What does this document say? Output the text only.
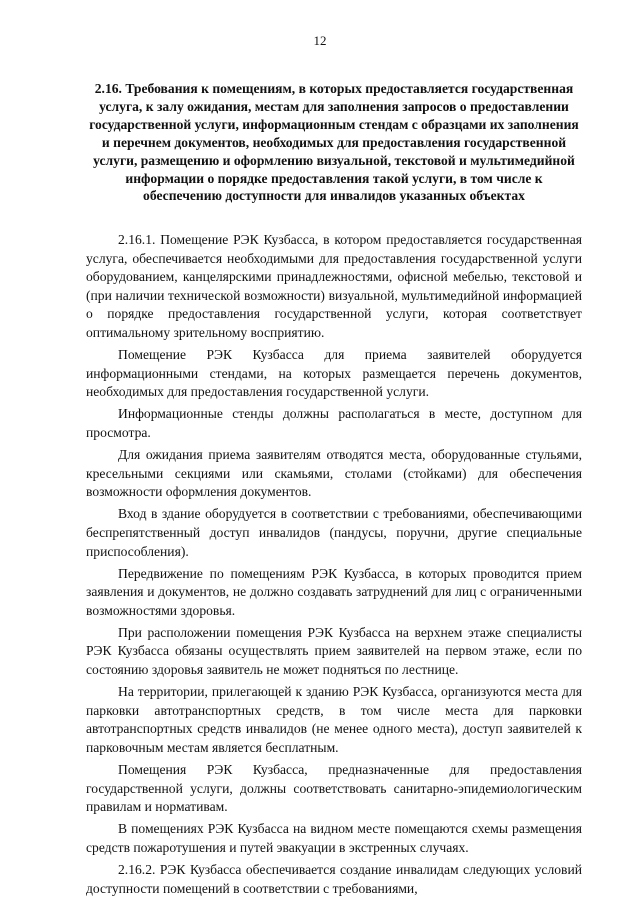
12
2.16. Требования к помещениям, в которых предоставляется государственная услуга, к залу ожидания, местам для заполнения запросов о предоставлении государственной услуги, информационным стендам с образцами их заполнения и перечнем документов, необходимых для предоставления государственной услуги, размещению и оформлению визуальной, текстовой и мультимедийной информации о порядке предоставления такой услуги, в том числе к обеспечению доступности для инвалидов указанных объектах

2.16.1. Помещение РЭК Кузбасса, в котором предоставляется государственная услуга, обеспечивается необходимыми для предоставления государственной услуги оборудованием, канцелярскими принадлежностями, офисной мебелью, текстовой и (при наличии технической возможности) визуальной, мультимедийной информацией о порядке предоставления государственной услуги, которая соответствует оптимальному зрительному восприятию.

Помещение РЭК Кузбасса для приема заявителей оборудуется информационными стендами, на которых размещается перечень документов, необходимых для предоставления государственной услуги.

Информационные стенды должны располагаться в месте, доступном для просмотра.

Для ожидания приема заявителям отводятся места, оборудованные стульями, кресельными секциями или скамьями, столами (стойками) для обеспечения возможности оформления документов.

Вход в здание оборудуется в соответствии с требованиями, обеспечивающими беспрепятственный доступ инвалидов (пандусы, поручни, другие специальные приспособления).

Передвижение по помещениям РЭК Кузбасса, в которых проводится прием заявления и документов, не должно создавать затруднений для лиц с ограниченными возможностями здоровья.

При расположении помещения РЭК Кузбасса на верхнем этаже специалисты РЭК Кузбасса обязаны осуществлять прием заявителей на первом этаже, если по состоянию здоровья заявитель не может подняться по лестнице.

На территории, прилегающей к зданию РЭК Кузбасса, организуются места для парковки автотранспортных средств, в том числе места для парковки автотранспортных средств инвалидов (не менее одного места), доступ заявителей к парковочным местам является бесплатным.

Помещения РЭК Кузбасса, предназначенные для предоставления государственной услуги, должны соответствовать санитарно-эпидемиологическим правилам и нормативам.

В помещениях РЭК Кузбасса на видном месте помещаются схемы размещения средств пожаротушения и путей эвакуации в экстренных случаях.

2.16.2. РЭК Кузбасса обеспечивается создание инвалидам следующих условий доступности помещений в соответствии с требованиями,
